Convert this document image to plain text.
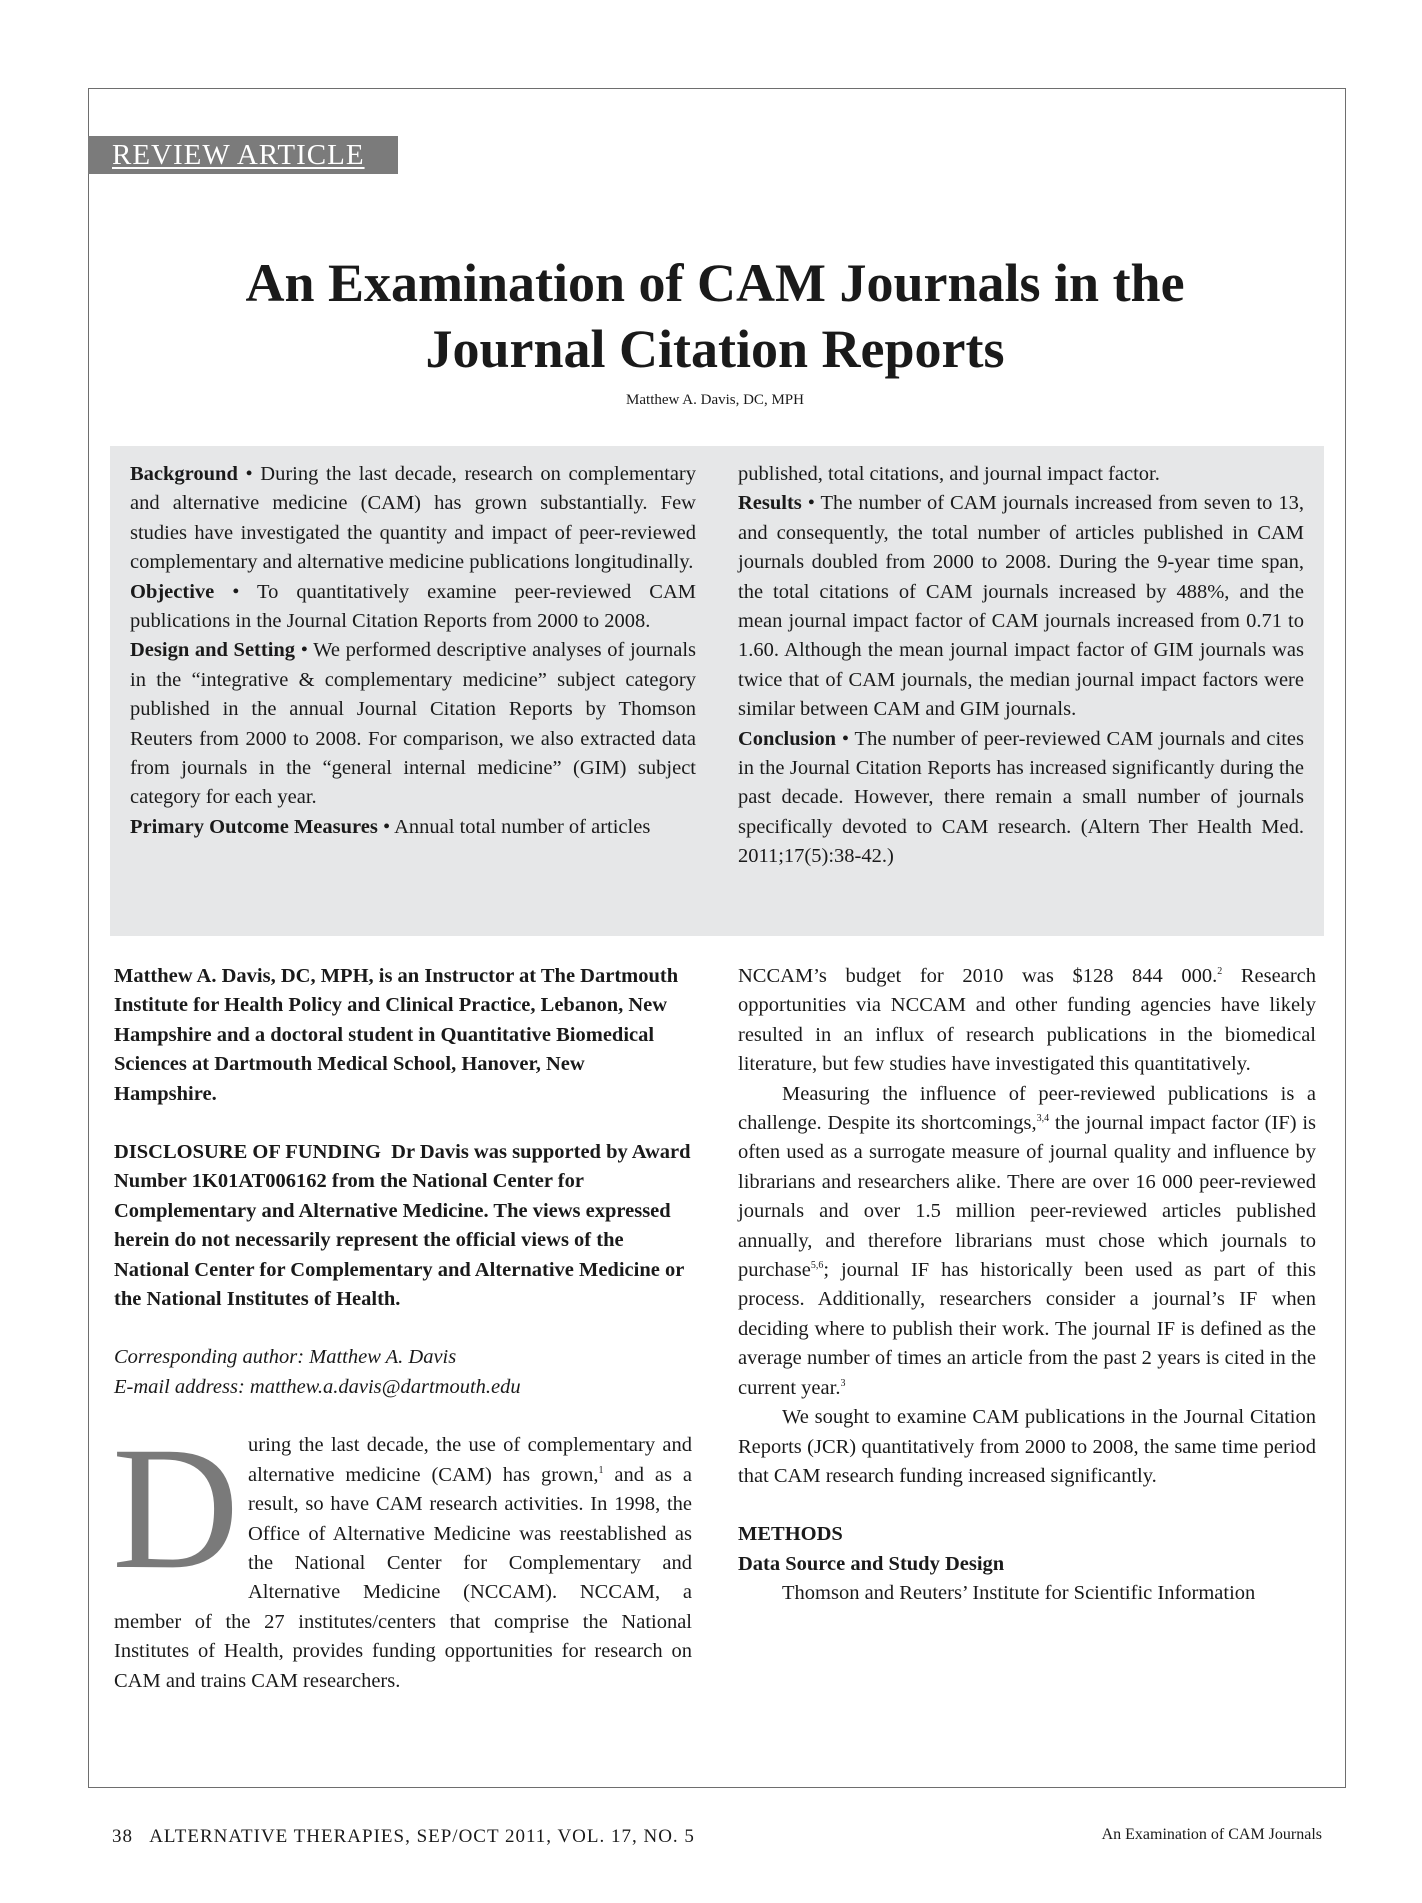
REVIEW ARTICLE
An Examination of CAM Journals in the
Journal Citation Reports
Matthew A. Davis, DC, MPH

Background • During the last decade, research on complementary and alternative medicine (CAM) has grown substantially. Few studies have investigated the quantity and impact of peer-reviewed complementary and alternative medicine publications longitudinally.

Objective • To quantitatively examine peer-reviewed CAM publications in the Journal Citation Reports from 2000 to 2008.

Design and Setting • We performed descriptive analyses of journals in the “integrative & complementary medicine” subject category published in the annual Journal Citation Reports by Thomson Reuters from 2000 to 2008. For comparison, we also extracted data from journals in the “general internal medicine” (GIM) subject category for each year.

Primary Outcome Measures • Annual total number of articles

published, total citations, and journal impact factor.

Results • The number of CAM journals increased from seven to 13, and consequently, the total number of articles published in CAM journals doubled from 2000 to 2008. During the 9-year time span, the total citations of CAM journals increased by 488%, and the mean journal impact factor of CAM journals increased from 0.71 to 1.60. Although the mean journal impact factor of GIM journals was twice that of CAM journals, the median journal impact factors were similar between CAM and GIM journals.

Conclusion • The number of peer-reviewed CAM journals and cites in the Journal Citation Reports has increased significantly during the past decade. However, there remain a small number of journals specifically devoted to CAM research. (Altern Ther Health Med. 2011;17(5):38-42.)

Matthew A. Davis, DC, MPH, is an Instructor at The Dartmouth Institute for Health Policy and Clinical Practice, Lebanon, New Hampshire and a doctoral student in Quantitative Biomedical Sciences at Dartmouth Medical School, Hanover, New Hampshire.

DISCLOSURE OF FUNDING Dr Davis was supported by Award Number 1K01AT006162 from the National Center for Complementary and Alternative Medicine. The views expressed herein do not necessarily represent the official views of the National Center for Complementary and Alternative Medicine or the National Institutes of Health.

Corresponding author: Matthew A. Davis
E-mail address: matthew.a.davis@dartmouth.edu

During the last decade, the use of complementary and alternative medicine (CAM) has grown,$^1$ and as a result, so have CAM research activities. In 1998, the Office of Alternative Medicine was reestablished as the National Center for Complementary and Alternative Medicine (NCCAM). NCCAM, a member of the 27 institutes/centers that comprise the National Institutes of Health, provides funding opportunities for research on CAM and trains CAM researchers.

NCCAM’s budget for 2010 was $128 844 000.$^2$ Research opportunities via NCCAM and other funding agencies have likely resulted in an influx of research publications in the biomedical literature, but few studies have investigated this quantitatively.

Measuring the influence of peer-reviewed publications is a challenge. Despite its shortcomings,$^{3,4}$ the journal impact factor (IF) is often used as a surrogate measure of journal quality and influence by librarians and researchers alike. There are over 16 000 peer-reviewed journals and over 1.5 million peer-reviewed articles published annually, and therefore librarians must chose which journals to purchase$^{5,6}$; journal IF has historically been used as part of this process. Additionally, researchers consider a journal’s IF when deciding where to publish their work. The journal IF is defined as the average number of times an article from the past 2 years is cited in the current year.$^3$

We sought to examine CAM publications in the Journal Citation Reports (JCR) quantitatively from 2000 to 2008, the same time period that CAM research funding increased significantly.

METHODS

Data Source and Study Design

Thomson and Reuters’ Institute for Scientific Information

38   ALTERNATIVE THERAPIES, SEP/OCT 2011, VOL. 17, NO. 5	An Examination of CAM Journals
